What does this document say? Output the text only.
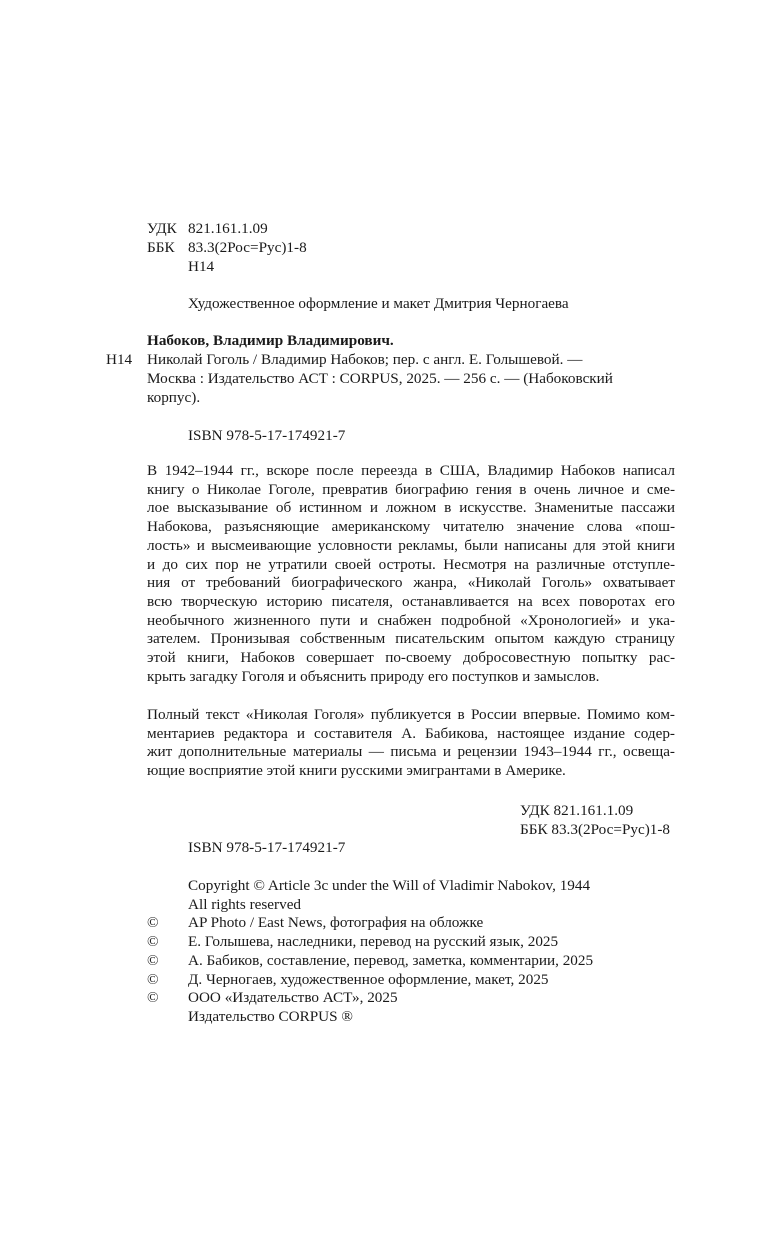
УДК 821.161.1.09
ББК 83.3(2Рос=Рус)1-8
Н14
Художественное оформление и макет Дмитрия Черногаева
Набоков, Владимир Владимирович.
Н14 Николай Гоголь / Владимир Набоков; пер. с англ. Е. Голышевой. —
Москва : Издательство АСТ : CORPUS, 2025. — 256 с. — (Набоковский
корпус).
ISBN 978-5-17-174921-7
В 1942–1944 гг., вскоре после переезда в США, Владимир Набоков написал
книгу о Николае Гоголе, превратив биографию гения в очень личное и сме-
лое высказывание об истинном и ложном в искусстве. Знаменитые пассажи
Набокова, разъясняющие американскому читателю значение слова «пош-
лость» и высмеивающие условности рекламы, были написаны для этой книги
и до сих пор не утратили своей остроты. Несмотря на различные отступле-
ния от требований биографического жанра, «Николай Гоголь» охватывает
всю творческую историю писателя, останавливается на всех поворотах его
необычного жизненного пути и снабжен подробной «Хронологией» и ука-
зателем. Пронизывая собственным писательским опытом каждую страницу
этой книги, Набоков совершает по-своему добросовестную попытку рас-
крыть загадку Гоголя и объяснить природу его поступков и замыслов.
Полный текст «Николая Гоголя» публикуется в России впервые. Помимо ком-
ментариев редактора и составителя А. Бабикова, настоящее издание содер-
жит дополнительные материалы — письма и рецензии 1943–1944 гг., освеща-
ющие восприятие этой книги русскими эмигрантами в Америке.
УДК 821.161.1.09
ББК 83.3(2Рос=Рус)1-8
ISBN 978-5-17-174921-7
Copyright © Article 3c under the Will of Vladimir Nabokov, 1944
All rights reserved
© AP Photo / East News, фотография на обложке
© Е. Голышева, наследники, перевод на русский язык, 2025
© А. Бабиков, составление, перевод, заметка, комментарии, 2025
© Д. Черногаев, художественное оформление, макет, 2025
© ООО «Издательство АСТ», 2025
Издательство CORPUS ®
